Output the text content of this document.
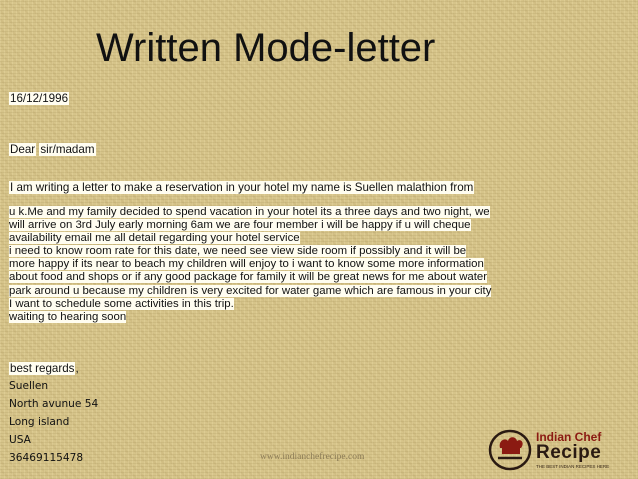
Written Mode-letter
16/12/1996
Dear sir/madam
I am writing a letter to make a reservation in your hotel my name is Suellen malathion from
u k.Me and my family decided to spend vacation in your hotel its a three days and two night, we
will arrive on 3rd July early morning 6am we are four member i will be happy if u will cheque
availability email me all detail regarding your hotel service
i need to know room rate for this date, we need see view side room if possibly and it will be
more happy if its near to beach my children will enjoy to i want to know some more information
about food and shops or if any good package for family it will be great news for me about water
park around u because my children is very excited for water game which are famous in your city
I want to schedule some activities in this trip.
waiting to hearing soon
best regards,
Suellen
North avunue 54
Long island
USA
36469115478	www.indianchefrecipe.com
Indian Chef
Recipe
THE BEST INDIAN RECIPES HERE
